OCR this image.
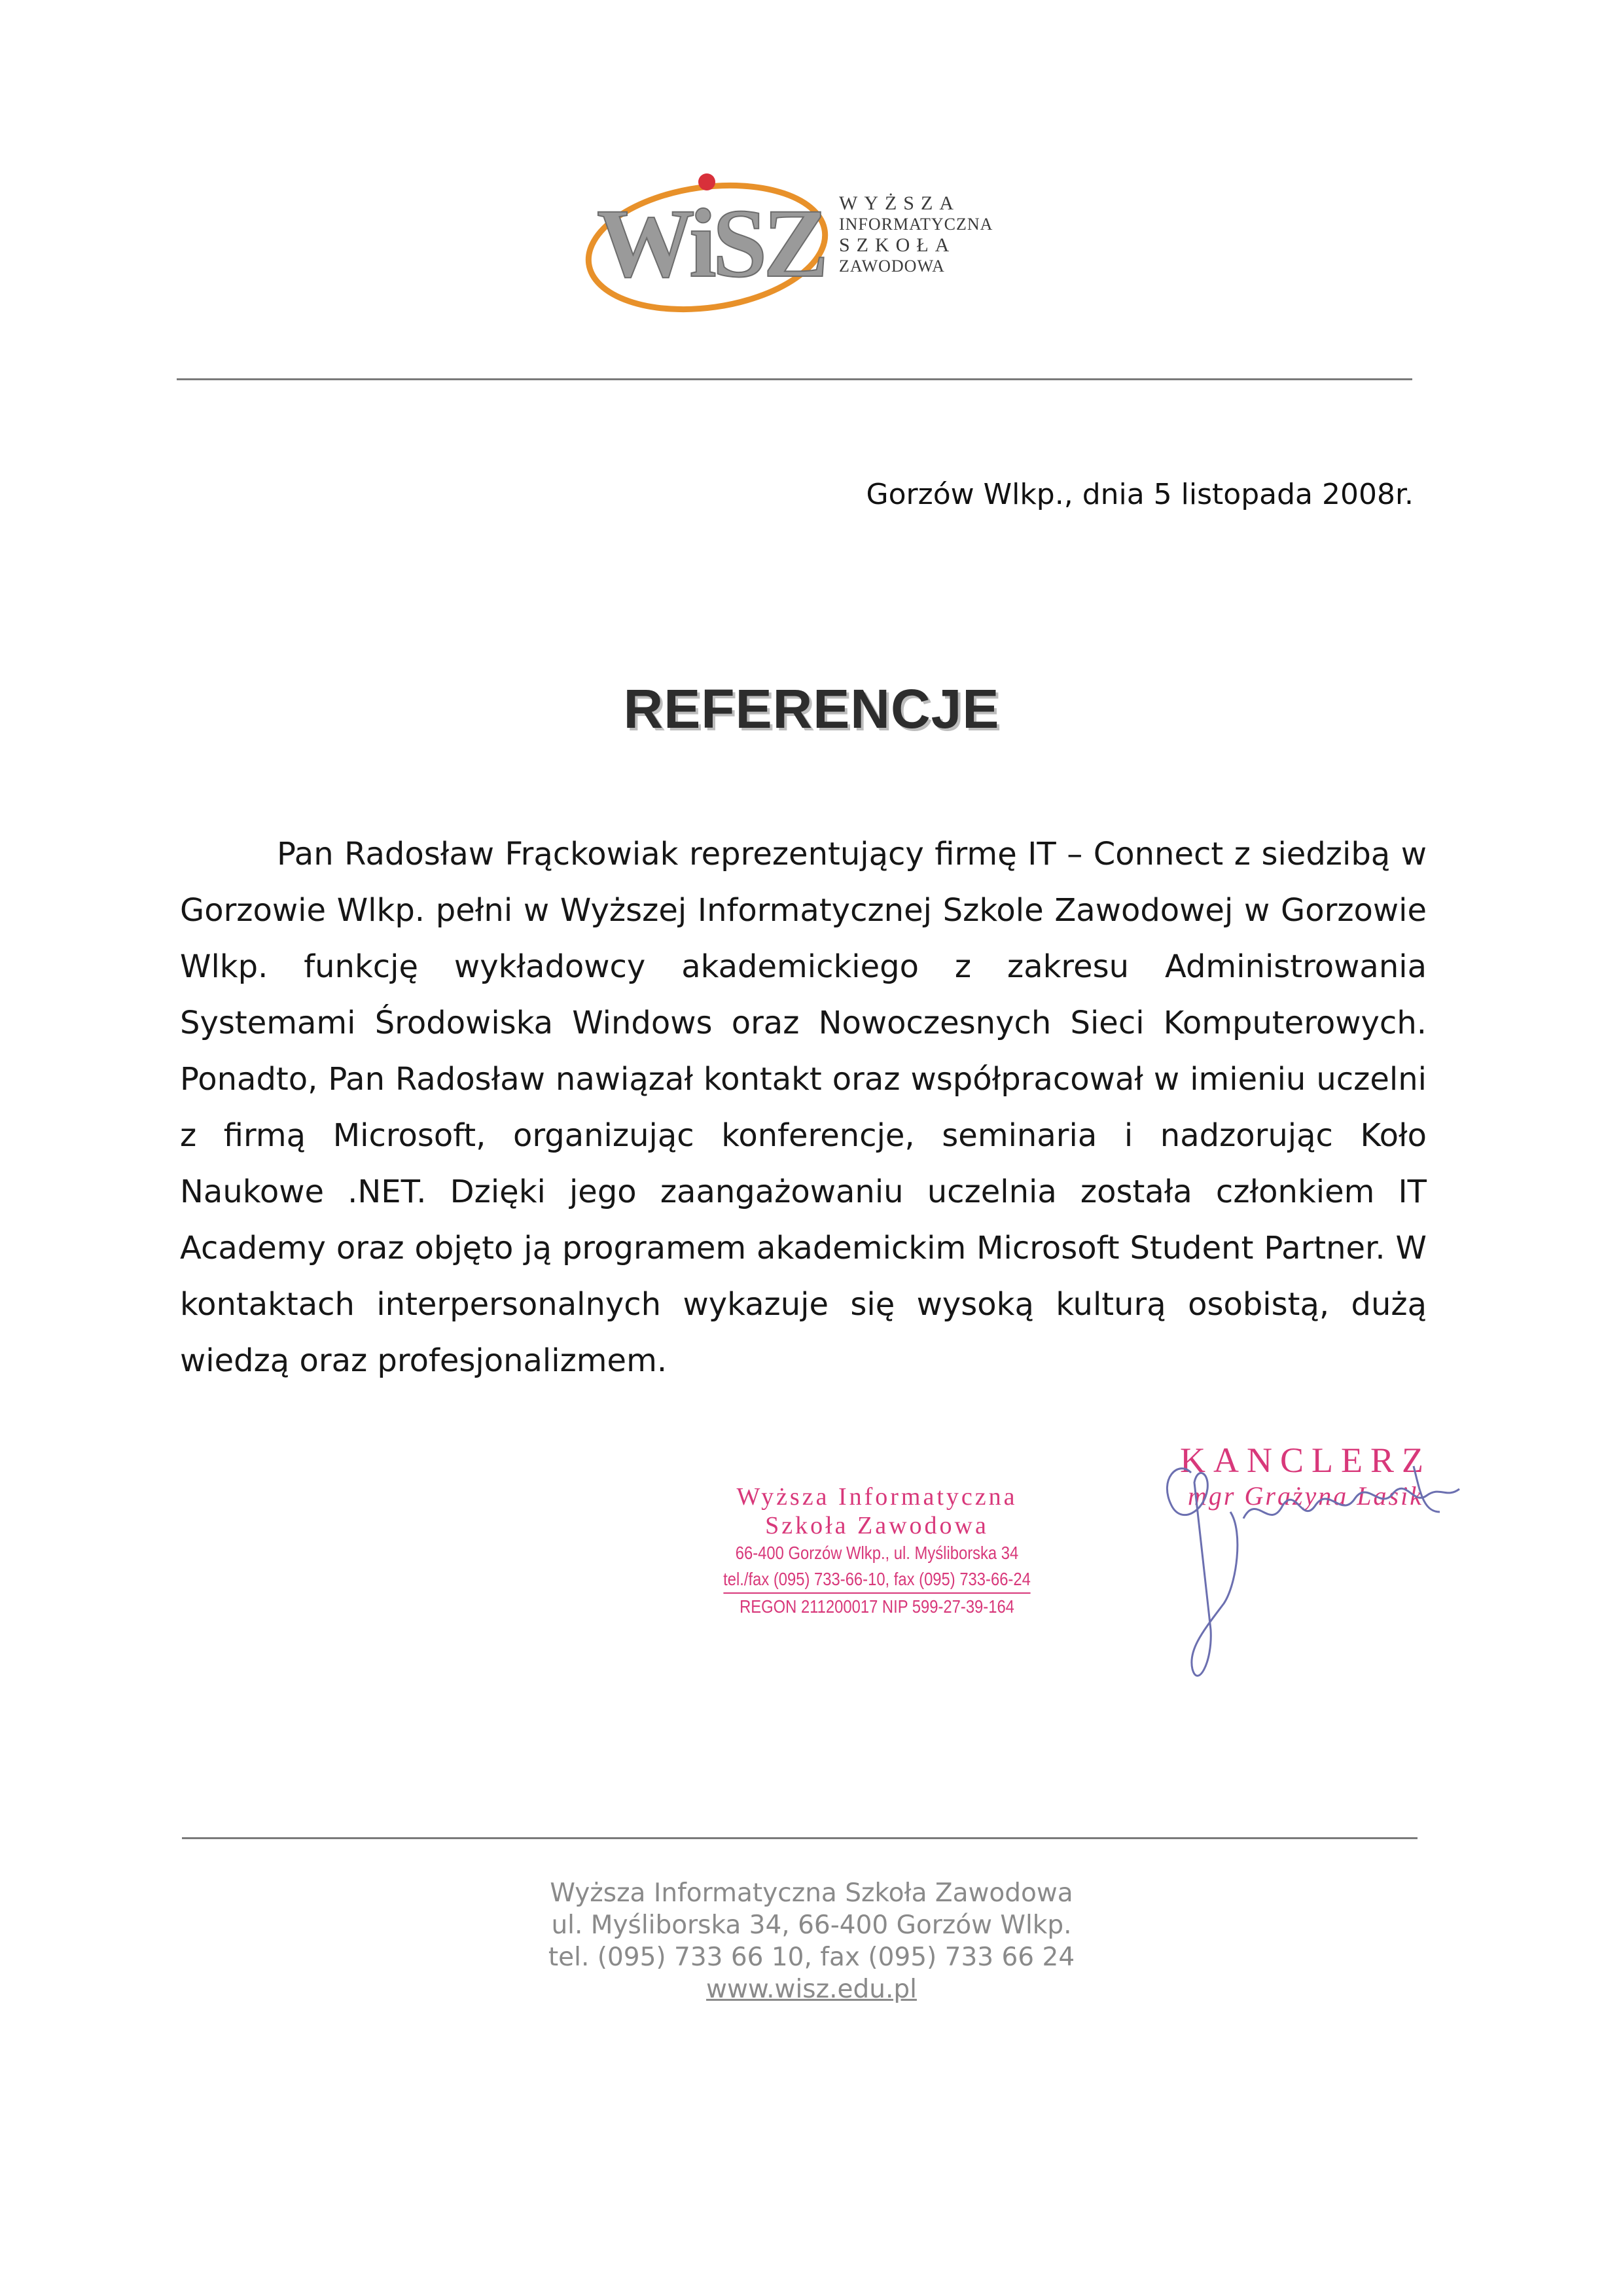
WiSZ WYŻSZA
INFORMATYCZNA
SZKOŁA
ZAWODOWA
Gorzów Wlkp., dnia 5 listopada 2008r.
REFERENCJE
Pan Radosław Frąckowiak reprezentujący firmę IT – Connect z siedzibą w Gorzowie Wlkp. pełni w Wyższej Informatycznej Szkole Zawodowej w Gorzowie Wlkp. funkcję wykładowcy akademickiego z zakresu Administrowania Systemami Środowiska Windows oraz Nowoczesnych Sieci Komputerowych. Ponadto, Pan Radosław nawiązał kontakt oraz współpracował w imieniu uczelni z firmą Microsoft, organizując konferencje, seminaria i nadzorując Koło Naukowe .NET. Dzięki jego zaangażowaniu uczelnia została członkiem IT Academy oraz objęto ją programem akademickim Microsoft Student Partner. W kontaktach interpersonalnych wykazuje się wysoką kulturą osobistą, dużą wiedzą oraz profesjonalizmem.
Wyższa Informatyczna
Szkoła Zawodowa
66-400 Gorzów Wlkp., ul. Myśliborska 34
tel./fax (095) 733-66-10, fax (095) 733-66-24
REGON 211200017 NIP 599-27-39-164
KANCLERZ
mgr Grażyna Lasik
Wyższa Informatyczna Szkoła Zawodowa
ul. Myśliborska 34, 66-400 Gorzów Wlkp.
tel. (095) 733 66 10, fax (095) 733 66 24
www.wisz.edu.pl
